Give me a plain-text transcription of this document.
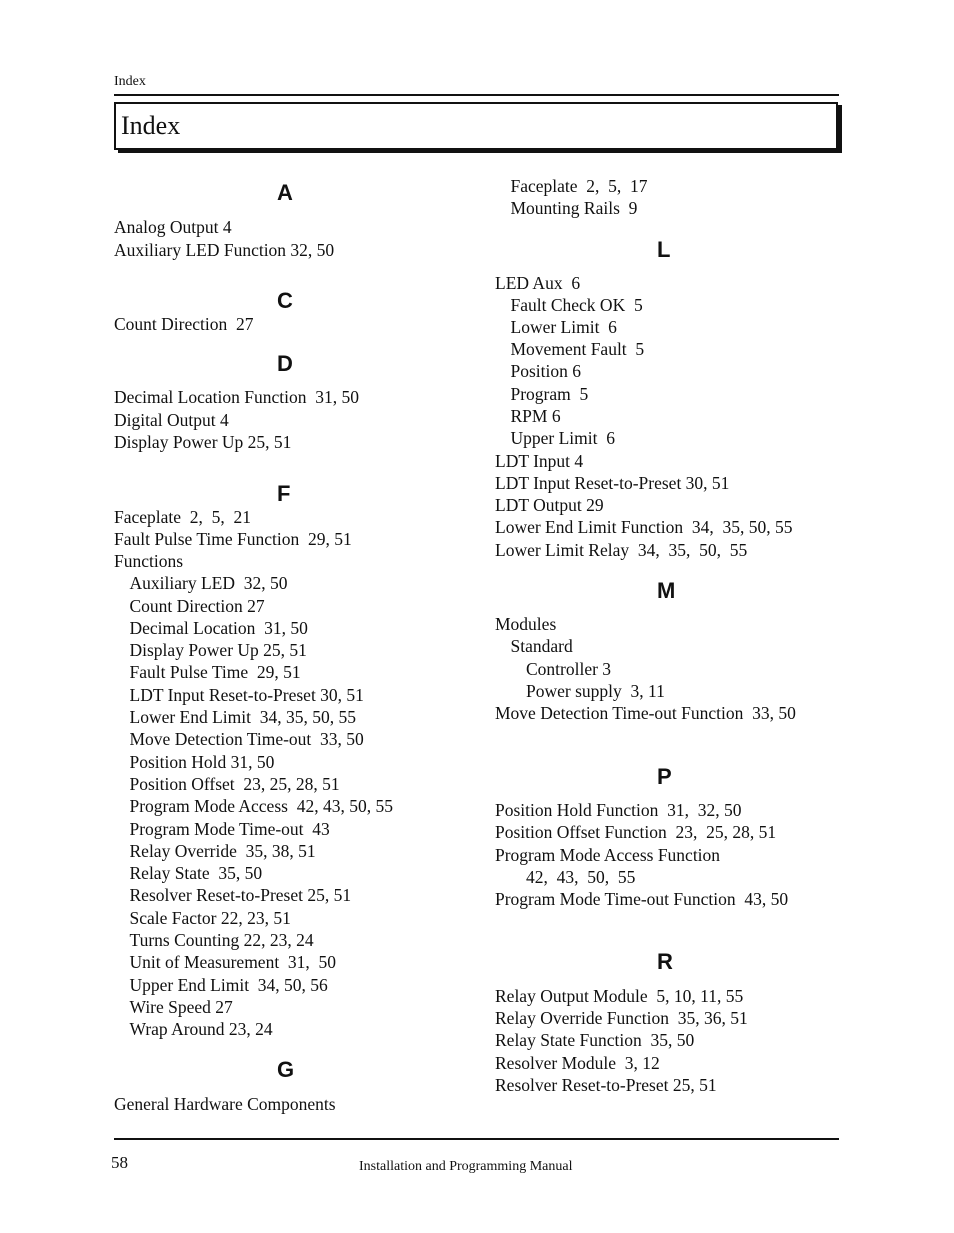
Index
Index
A
Analog Output 4
Auxiliary LED Function 32, 50
C
Count Direction  27
D
Decimal Location Function  31, 50
Digital Output 4
Display Power Up 25, 51
F
Faceplate  2,  5,  21
Fault Pulse Time Function  29, 51
Functions
Auxiliary LED  32, 50
Count Direction 27
Decimal Location  31, 50
Display Power Up 25, 51
Fault Pulse Time  29, 51
LDT Input Reset-to-Preset 30, 51
Lower End Limit  34, 35, 50, 55
Move Detection Time-out  33, 50
Position Hold 31, 50
Position Offset  23, 25, 28, 51
Program Mode Access  42, 43, 50, 55
Program Mode Time-out  43
Relay Override  35, 38, 51
Relay State  35, 50
Resolver Reset-to-Preset 25, 51
Scale Factor 22, 23, 51
Turns Counting 22, 23, 24
Unit of Measurement  31,  50
Upper End Limit  34, 50, 56
Wire Speed 27
Wrap Around 23, 24
G
General Hardware Components
Faceplate  2,  5,  17
Mounting Rails  9
L
LED Aux  6
Fault Check OK  5
Lower Limit  6
Movement Fault  5
Position 6
Program  5
RPM 6
Upper Limit  6
LDT Input 4
LDT Input Reset-to-Preset 30, 51
LDT Output 29
Lower End Limit Function  34,  35, 50, 55
Lower Limit Relay  34,  35,  50,  55
M
Modules
Standard
Controller 3
Power supply  3, 11
Move Detection Time-out Function  33, 50
P
Position Hold Function  31,  32, 50
Position Offset Function  23,  25, 28, 51
Program Mode Access Function
42,  43,  50,  55
Program Mode Time-out Function  43, 50
R
Relay Output Module  5, 10, 11, 55
Relay Override Function  35, 36, 51
Relay State Function  35, 50
Resolver Module  3, 12
Resolver Reset-to-Preset 25, 51
58	Installation and Programming Manual
